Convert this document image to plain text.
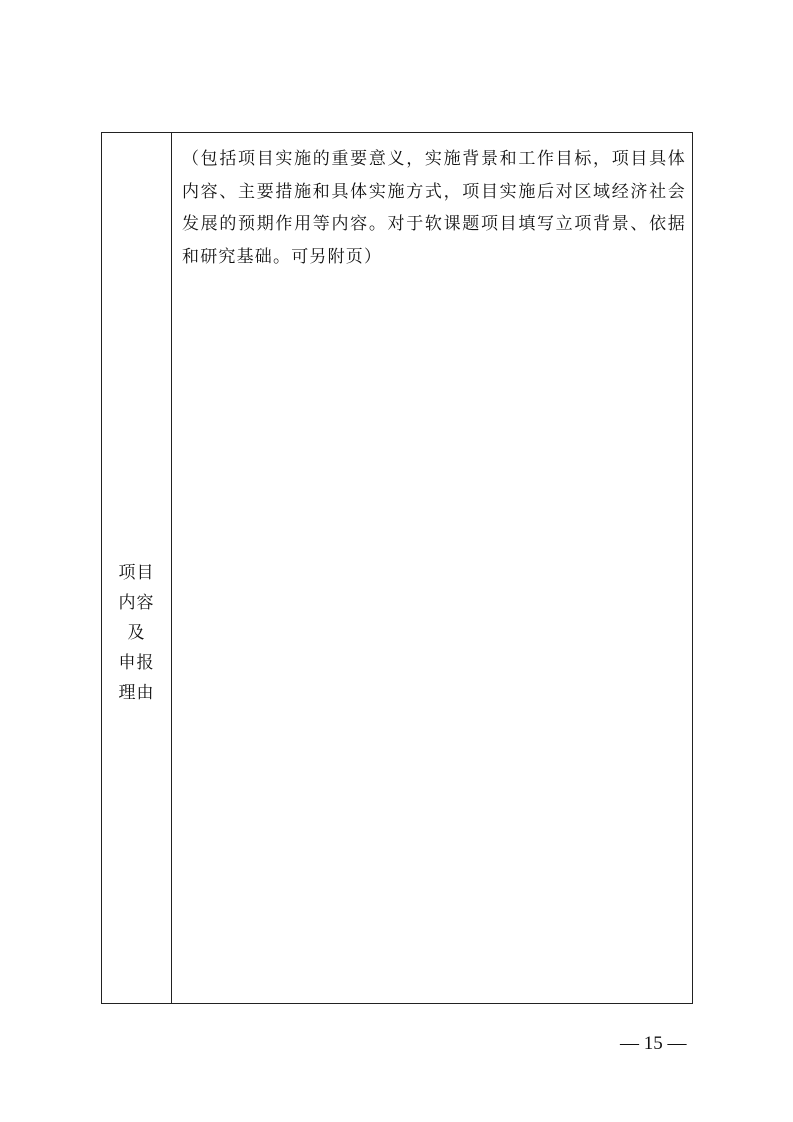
项目
内容
及
申报
理由

（包括项目实施的重要意义，实施背景和工作目标，项目具体内容、主要措施和具体实施方式，项目实施后对区域经济社会发展的预期作用等内容。对于软课题项目填写立项背景、依据和研究基础。可另附页）

— 15 —
